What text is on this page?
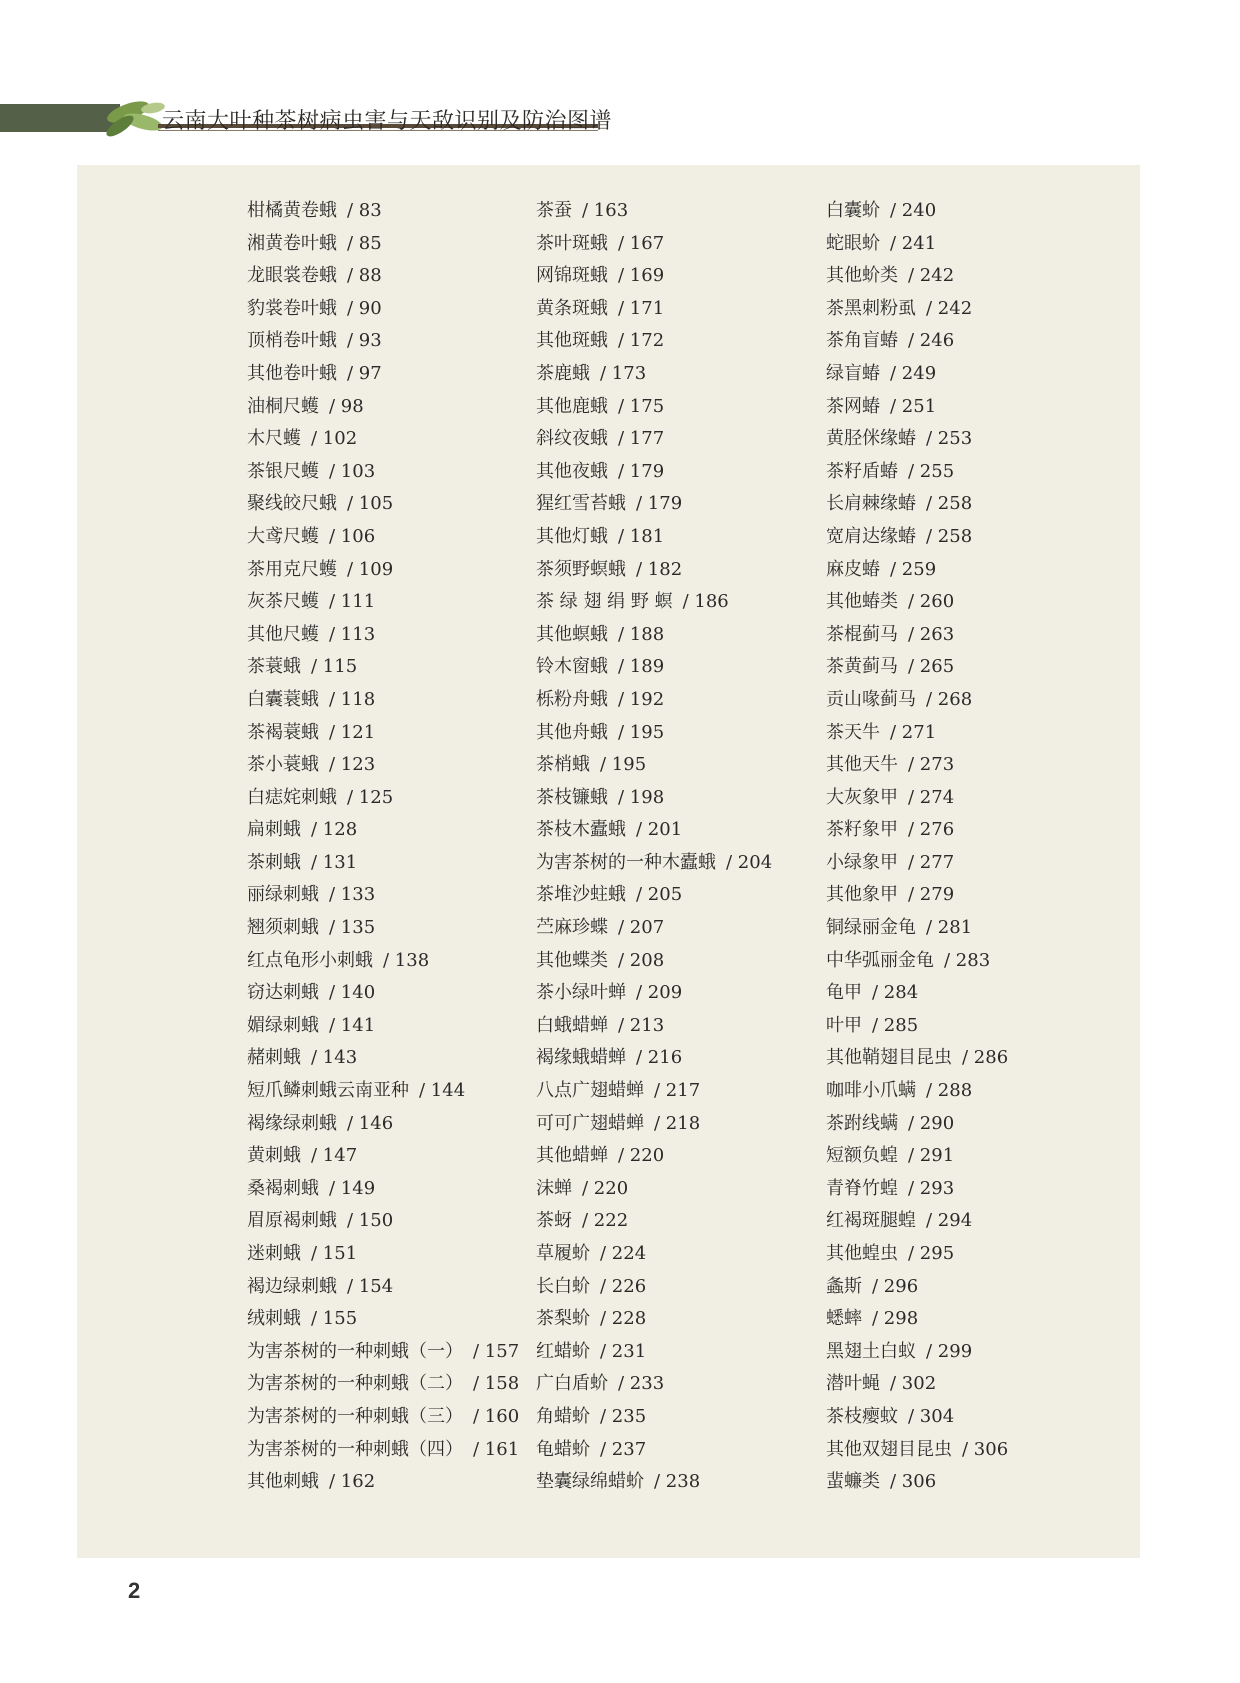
云南大叶种茶树病虫害与天敌识别及防治图谱
柑橘黄卷蛾 / 83
湘黄卷叶蛾 / 85
龙眼裳卷蛾 / 88
豹裳卷叶蛾 / 90
顶梢卷叶蛾 / 93
其他卷叶蛾 / 97
油桐尺蠖 / 98
木尺蠖 / 102
茶银尺蠖 / 103
聚线皎尺蛾 / 105
大鸢尺蠖 / 106
茶用克尺蠖 / 109
灰茶尺蠖 / 111
其他尺蠖 / 113
茶蓑蛾 / 115
白囊蓑蛾 / 118
茶褐蓑蛾 / 121
茶小蓑蛾 / 123
白痣姹刺蛾 / 125
扁刺蛾 / 128
茶刺蛾 / 131
丽绿刺蛾 / 133
翘须刺蛾 / 135
红点龟形小刺蛾 / 138
窃达刺蛾 / 140
媚绿刺蛾 / 141
赭刺蛾 / 143
短爪鳞刺蛾云南亚种 / 144
褐缘绿刺蛾 / 146
黄刺蛾 / 147
桑褐刺蛾 / 149
眉原褐刺蛾 / 150
迷刺蛾 / 151
褐边绿刺蛾 / 154
绒刺蛾 / 155
为害茶树的一种刺蛾（一） / 157
为害茶树的一种刺蛾（二） / 158
为害茶树的一种刺蛾（三） / 160
为害茶树的一种刺蛾（四） / 161
其他刺蛾 / 162
茶蚕 / 163
茶叶斑蛾 / 167
网锦斑蛾 / 169
黄条斑蛾 / 171
其他斑蛾 / 172
茶鹿蛾 / 173
其他鹿蛾 / 175
斜纹夜蛾 / 177
其他夜蛾 / 179
猩红雪苔蛾 / 179
其他灯蛾 / 181
茶须野螟蛾 / 182
茶 绿 翅 绢 野 螟 / 186
其他螟蛾 / 188
铃木窗蛾 / 189
栎粉舟蛾 / 192
其他舟蛾 / 195
茶梢蛾 / 195
茶枝镰蛾 / 198
茶枝木蠹蛾 / 201
为害茶树的一种木蠹蛾 / 204
茶堆沙蛀蛾 / 205
苎麻珍蝶 / 207
其他蝶类 / 208
茶小绿叶蝉 / 209
白蛾蜡蝉 / 213
褐缘蛾蜡蝉 / 216
八点广翅蜡蝉 / 217
可可广翅蜡蝉 / 218
其他蜡蝉 / 220
沫蝉 / 220
茶蚜 / 222
草履蚧 / 224
长白蚧 / 226
茶梨蚧 / 228
红蜡蚧 / 231
广白盾蚧 / 233
角蜡蚧 / 235
龟蜡蚧 / 237
垫囊绿绵蜡蚧 / 238
白囊蚧 / 240
蛇眼蚧 / 241
其他蚧类 / 242
茶黑刺粉虱 / 242
茶角盲蝽 / 246
绿盲蝽 / 249
茶网蝽 / 251
黄胫侎缘蝽 / 253
茶籽盾蝽 / 255
长肩棘缘蝽 / 258
宽肩达缘蝽 / 258
麻皮蝽 / 259
其他蝽类 / 260
茶棍蓟马 / 263
茶黄蓟马 / 265
贡山喙蓟马 / 268
茶天牛 / 271
其他天牛 / 273
大灰象甲 / 274
茶籽象甲 / 276
小绿象甲 / 277
其他象甲 / 279
铜绿丽金龟 / 281
中华弧丽金龟 / 283
龟甲 / 284
叶甲 / 285
其他鞘翅目昆虫 / 286
咖啡小爪螨 / 288
茶跗线螨 / 290
短额负蝗 / 291
青脊竹蝗 / 293
红褐斑腿蝗 / 294
其他蝗虫 / 295
螽斯 / 296
蟋蟀 / 298
黑翅土白蚁 / 299
潜叶蝇 / 302
茶枝瘿蚊 / 304
其他双翅目昆虫 / 306
蜚蠊类 / 306
2
